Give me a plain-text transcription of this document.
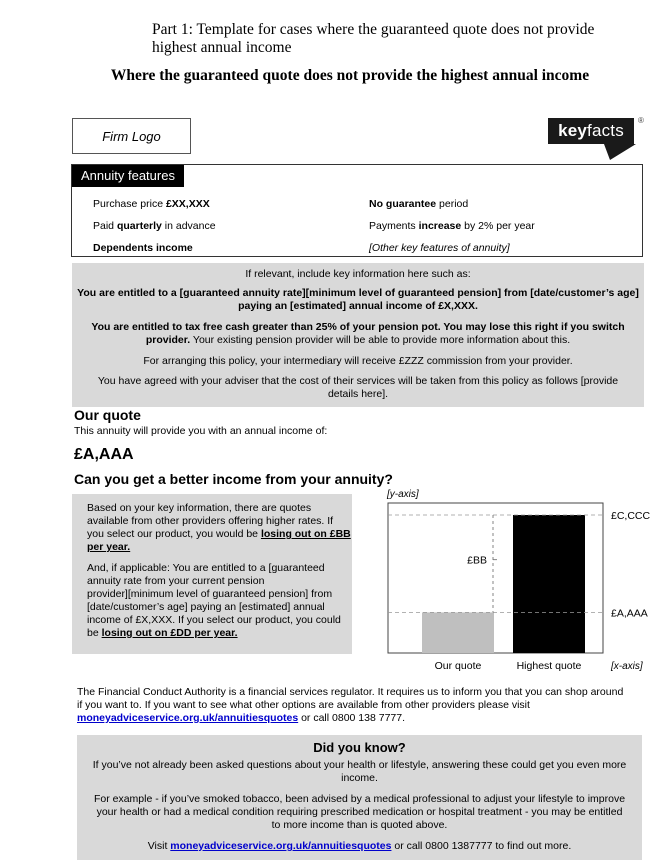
Part 1: Template for cases where the guaranteed quote does not provide highest annual income
Where the guaranteed quote does not provide the highest annual income
Firm Logo	key facts
®
Annuity features
Purchase price £XX,XXX
Paid quarterly in advance
Dependents income
No guarantee period
Payments increase by 2% per year
[Other key features of annuity]
If relevant, include key information here such as:
You are entitled to a [guaranteed annuity rate][minimum level of guaranteed pension] from [date/customer’s age]
paying an [estimated] annual income of £X,XXX.
You are entitled to tax free cash greater than 25% of your pension pot. You may lose this right if you switch
provider. Your existing pension provider will be able to provide more information about this.
For arranging this policy, your intermediary will receive £ZZZ commission from your provider.
You have agreed with your adviser that the cost of their services will be taken from this policy as follows [provide
details here].
Our quote
This annuity will provide you with an annual income of:
£A,AAA
Can you get a better income from your annuity?
Based on your key information, there are quotes
available from other providers offering higher rates. If
you select our product, you would be losing out on £BB
per year.
And, if applicable: You are entitled to a [guaranteed
annuity rate from your current pension
provider][minimum level of guaranteed pension] from
[date/customer’s age] paying an [estimated] annual
income of £X,XXX. If you select our product, you could
be losing out on £DD per year.
[y-axis]
Our quote	Highest quote
£BB
£C,CCC
£A,AAA
[x-axis]
The Financial Conduct Authority is a financial services regulator. It requires us to inform you that you can shop around
if you want to. If you want to see what other options are available from other providers please visit
moneyadviceservice.org.uk/annuitiesquotes or call 0800 138 7777.
Did you know?
If you’ve not already been asked questions about your health or lifestyle, answering these could get you even more
income.
For example - if you’ve smoked tobacco, been advised by a medical professional to adjust your lifestyle to improve
your health or had a medical condition requiring prescribed medication or hospital treatment - you may be entitled
to more income than is quoted above.
Visit moneyadviceservice.org.uk/annuitiesquotes or call 0800 1387777 to find out more.
